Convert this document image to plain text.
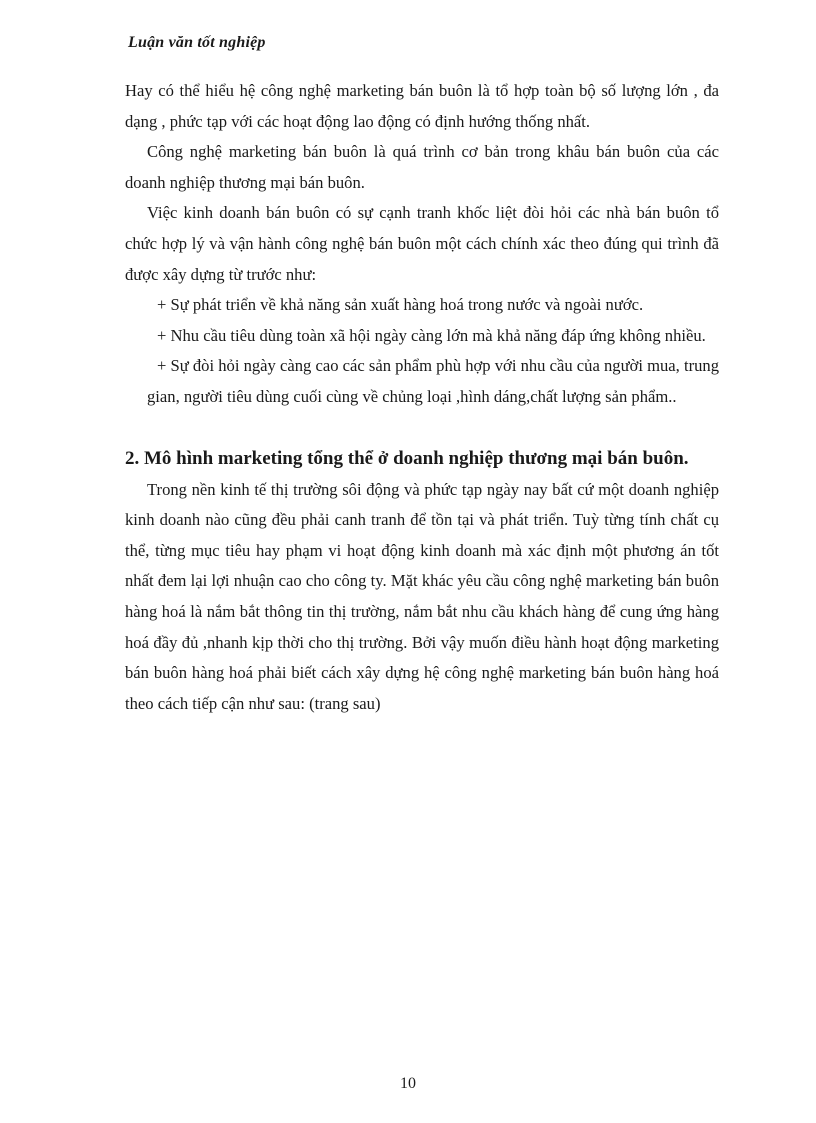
Luận văn tốt nghiệp

Hay có thể hiểu hệ công nghệ marketing bán buôn là tổ hợp toàn bộ số lượng lớn , đa dạng , phức tạp với các hoạt động lao động có định hướng thống nhất.

Công nghệ marketing bán buôn là quá trình cơ bản trong khâu bán buôn của các doanh nghiệp thương mại bán buôn.

Việc kinh doanh bán buôn có sự cạnh tranh khốc liệt đòi hỏi các nhà bán buôn tổ chức hợp lý và vận hành công nghệ bán buôn một cách chính xác theo đúng qui trình đã được xây dựng từ trước như:

+ Sự phát triển về khả năng sản xuất hàng hoá trong nước và ngoài nước.

+ Nhu cầu tiêu dùng toàn xã hội ngày càng lớn mà khả năng đáp ứng không nhiều.

+ Sự đòi hỏi ngày càng cao các sản phẩm phù hợp với nhu cầu của người mua, trung gian, người tiêu dùng cuối cùng về chủng loại ,hình dáng,chất lượng sản phẩm..

2. Mô hình marketing tổng thể ở doanh nghiệp thương mại bán buôn.

Trong nền kinh tế thị trường sôi động và phức tạp ngày nay bất cứ một doanh nghiệp kinh doanh nào cũng đều phải canh tranh để tồn tại và phát triển. Tuỳ từng tính chất cụ thể, từng mục tiêu hay phạm vi hoạt động kinh doanh mà xác định một phương án tốt nhất đem lại lợi nhuận cao cho công ty. Mặt khác yêu cầu công nghệ marketing bán buôn hàng hoá là nắm bắt thông tin thị trường, nắm bắt nhu cầu khách hàng để cung ứng hàng hoá đầy đủ ,nhanh kịp thời cho thị trường. Bởi vậy muốn điều hành hoạt động marketing bán buôn hàng hoá phải biết cách xây dựng hệ công nghệ marketing bán buôn hàng hoá theo cách tiếp cận như sau: (trang sau)

10
